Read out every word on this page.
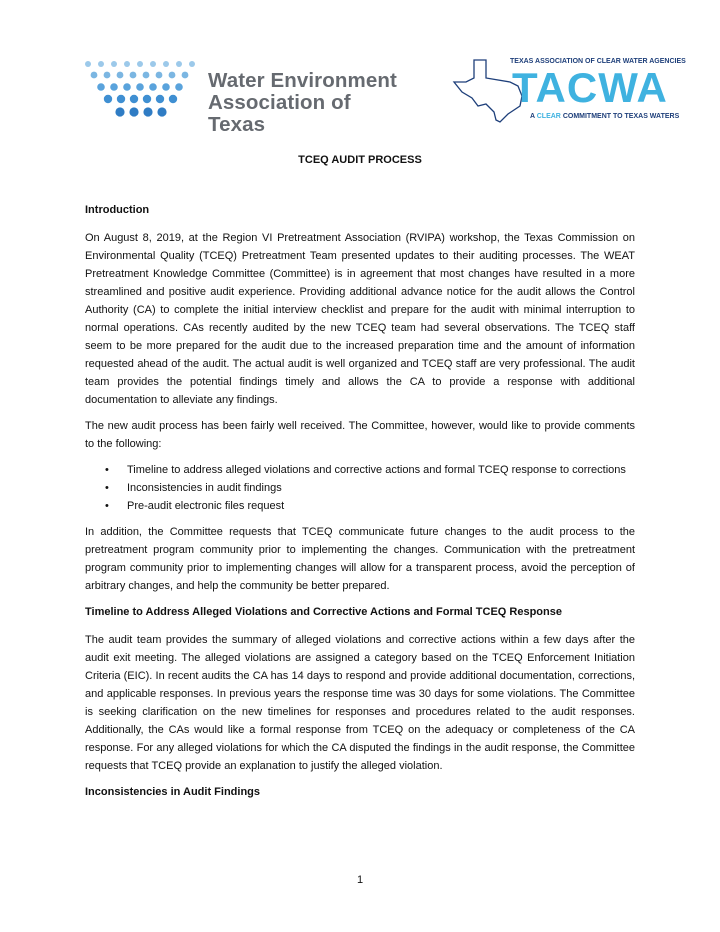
Water Environment
Association of Texas
TEXAS ASSOCIATION OF CLEAR WATER AGENCIES
TACWA
A CLEAR COMMITMENT TO TEXAS WATERS
TCEQ AUDIT PROCESS
Introduction

On August 8, 2019, at the Region VI Pretreatment Association (RVIPA) workshop, the Texas Commission on Environmental Quality (TCEQ) Pretreatment Team presented updates to their auditing processes. The WEAT Pretreatment Knowledge Committee (Committee) is in agreement that most changes have resulted in a more streamlined and positive audit experience. Providing additional advance notice for the audit allows the Control Authority (CA) to complete the initial interview checklist and prepare for the audit with minimal interruption to normal operations. CAs recently audited by the new TCEQ team had several observations. The TCEQ staff seem to be more prepared for the audit due to the increased preparation time and the amount of information requested ahead of the audit. The actual audit is well organized and TCEQ staff are very professional. The audit team provides the potential findings timely and allows the CA to provide a response with additional documentation to alleviate any findings.

The new audit process has been fairly well received. The Committee, however, would like to provide comments to the following:

• Timeline to address alleged violations and corrective actions and formal TCEQ response to corrections
• Inconsistencies in audit findings
• Pre-audit electronic files request

In addition, the Committee requests that TCEQ communicate future changes to the audit process to the pretreatment program community prior to implementing the changes. Communication with the pretreatment program community prior to implementing changes will allow for a transparent process, avoid the perception of arbitrary changes, and help the community be better prepared.

Timeline to Address Alleged Violations and Corrective Actions and Formal TCEQ Response

The audit team provides the summary of alleged violations and corrective actions within a few days after the audit exit meeting. The alleged violations are assigned a category based on the TCEQ Enforcement Initiation Criteria (EIC). In recent audits the CA has 14 days to respond and provide additional documentation, corrections, and applicable responses. In previous years the response time was 30 days for some violations. The Committee is seeking clarification on the new timelines for responses and procedures related to the audit responses. Additionally, the CAs would like a formal response from TCEQ on the adequacy or completeness of the CA response. For any alleged violations for which the CA disputed the findings in the audit response, the Committee requests that TCEQ provide an explanation to justify the alleged violation.

Inconsistencies in Audit Findings
1
